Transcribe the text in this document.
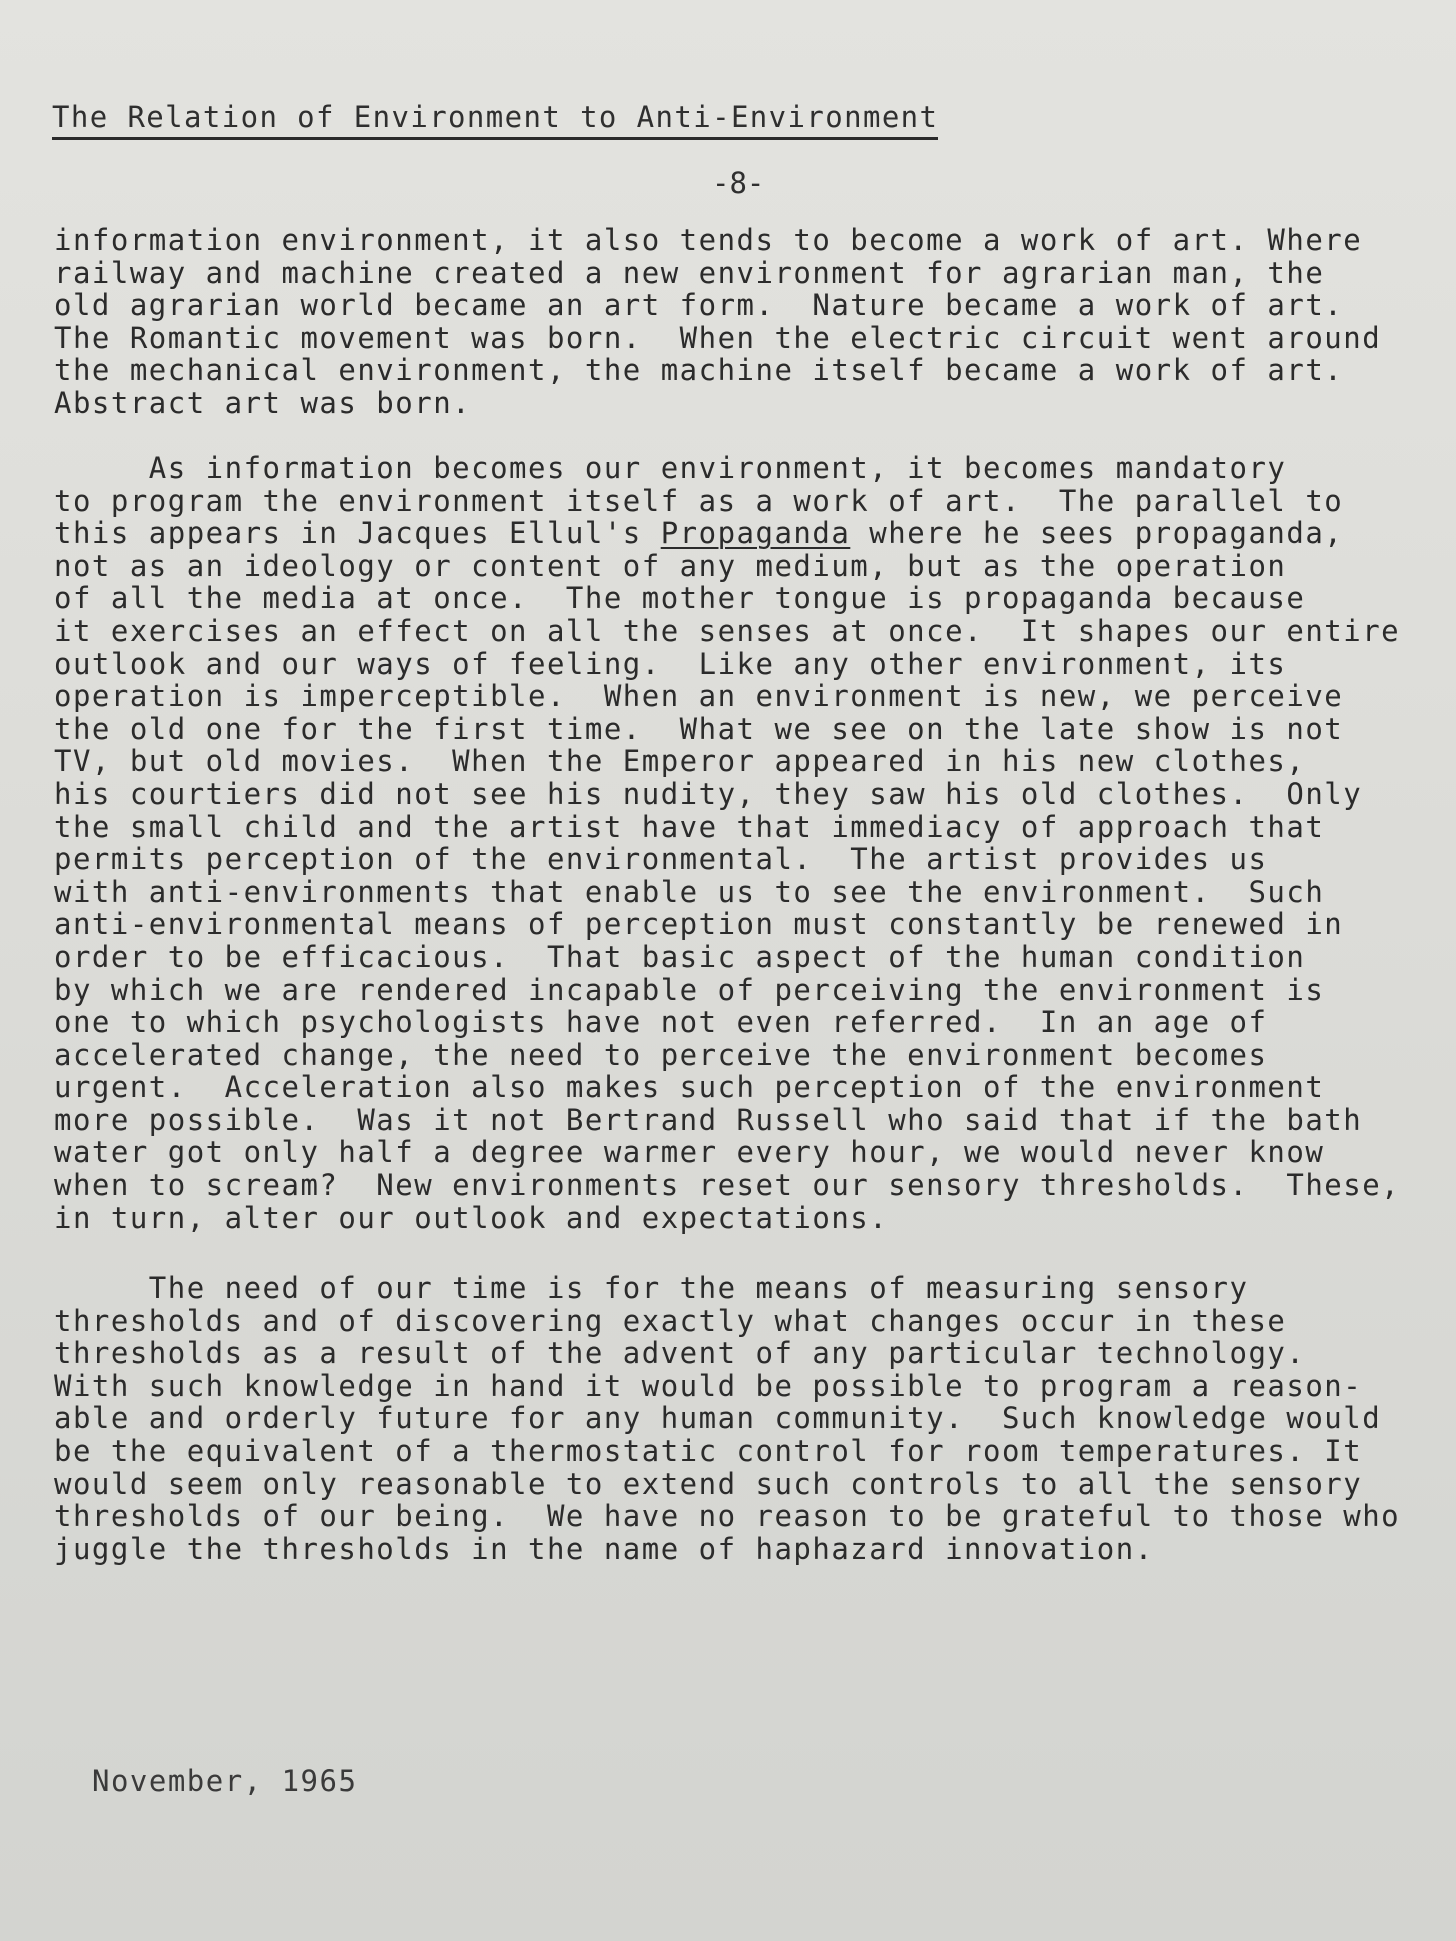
The Relation of Environment to Anti-Environment
-8-
information environment, it also tends to become a work of art. Where
railway and machine created a new environment for agrarian man, the
old agrarian world became an art form.  Nature became a work of art.
The Romantic movement was born.  When the electric circuit went around
the mechanical environment, the machine itself became a work of art.
Abstract art was born.
As information becomes our environment, it becomes mandatory
to program the environment itself as a work of art.  The parallel to
this appears in Jacques Ellul's Propaganda where he sees propaganda,
not as an ideology or content of any medium, but as the operation
of all the media at once.  The mother tongue is propaganda because
it exercises an effect on all the senses at once.  It shapes our entire
outlook and our ways of feeling.  Like any other environment, its
operation is imperceptible.  When an environment is new, we perceive
the old one for the first time.  What we see on the late show is not
TV, but old movies.  When the Emperor appeared in his new clothes,
his courtiers did not see his nudity, they saw his old clothes.  Only
the small child and the artist have that immediacy of approach that
permits perception of the environmental.  The artist provides us
with anti-environments that enable us to see the environment.  Such
anti-environmental means of perception must constantly be renewed in
order to be efficacious.  That basic aspect of the human condition
by which we are rendered incapable of perceiving the environment is
one to which psychologists have not even referred.  In an age of
accelerated change, the need to perceive the environment becomes
urgent.  Acceleration also makes such perception of the environment
more possible.  Was it not Bertrand Russell who said that if the bath
water got only half a degree warmer every hour, we would never know
when to scream?  New environments reset our sensory thresholds.  These,
in turn, alter our outlook and expectations.
The need of our time is for the means of measuring sensory
thresholds and of discovering exactly what changes occur in these
thresholds as a result of the advent of any particular technology.
With such knowledge in hand it would be possible to program a reason-
able and orderly future for any human community.  Such knowledge would
be the equivalent of a thermostatic control for room temperatures. It
would seem only reasonable to extend such controls to all the sensory
thresholds of our being.  We have no reason to be grateful to those who
juggle the thresholds in the name of haphazard innovation.
November, 1965
